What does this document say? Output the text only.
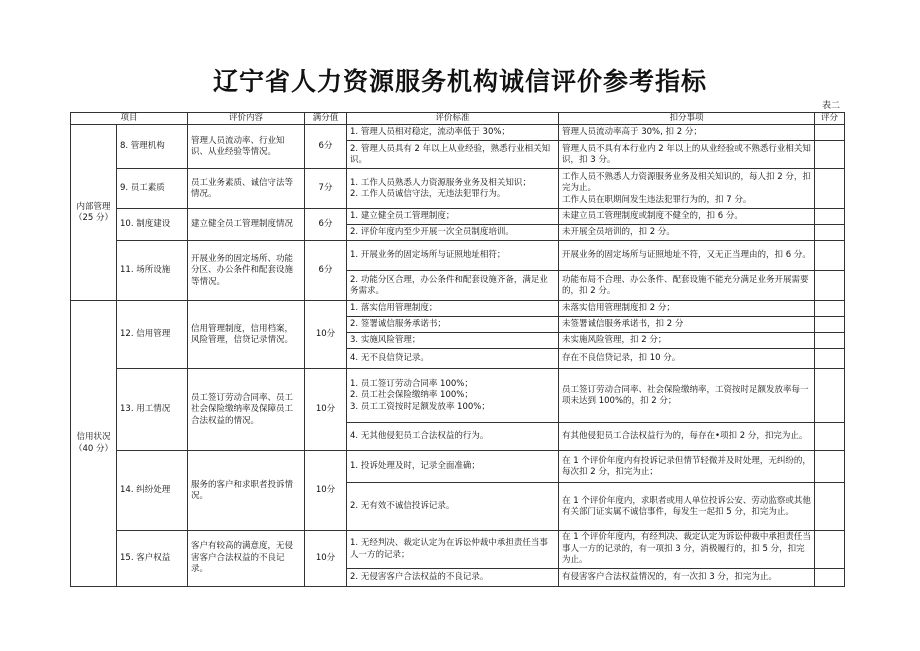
辽宁省人力资源服务机构诚信评价参考指标
表二
项目		评价内容	满分值	评价标准	扣分事项	评分
内部管理（25 分）	8. 管理机构	管理人员流动率、行业知识、从业经验等情况。	6分	1. 管理人员相对稳定，流动率低于 30%；	管理人员流动率高于 30%, 扣 2 分；	
				2. 管理人员具有 2 年以上从业经验，熟悉行业相关知识。	管理人员不具有本行业内 2 年以上的从业经验或不熟悉行业相关知识，扣 3 分。	
	9. 员工素质	员工业务素质、诚信守法等情况。	7分	1. 工作人员熟悉人力资源服务业务及相关知识；
2. 工作人员诚信守法，无违法犯罪行为。	工作人员不熟悉人力资源服务业务及相关知识的，每人扣 2 分，扣完为止。
工作人员在职期间发生违法犯罪行为的，扣 7 分。	
	10. 制度建设	建立健全员工管理制度情况	6分	1. 建立健全员工管理制度；	未建立员工管理制度或制度不健全的，扣 6 分。	
				2. 评价年度内至少开展一次全员制度培训。	未开展全员培训的，扣 2 分。	
	11. 场所设施	开展业务的固定场所、功能分区、办公条件和配套设施等情况。	6分	1. 开展业务的固定场所与证照地址相符；	开展业务的固定场所与证照地址不符，又无正当理由的，扣 6 分。	
				2. 功能分区合理，办公条件和配套设施齐备，满足业务需求。	功能布局不合理、办公条件、配套设施不能充分满足业务开展需要的，扣 2 分。	
信用状况（40 分）	12. 信用管理	信用管理制度，信用档案，风险管理，信贷记录情况。	10分	1. 落实信用管理制度；	未落实信用管理制度扣 2 分；	
				2. 签署诚信服务承诺书；	未签署诚信服务承诺书，扣 2 分	
				3. 实施风险管理；	未实施风险管理，扣 2 分；	
				4. 无不良信贷记录。	存在不良信贷记录，扣 10 分。	
	13. 用工情况	员工签订劳动合同率、员工社会保险缴纳率及保障员工合法权益的情况。	10分	1. 员工签订劳动合同率 100%；
2. 员工社会保险缴纳率 100%；
3. 员工工资按时足额发放率 100%；	员工签订劳动合同率、社会保险缴纳率，工资按时足额发放率每一项未达到 100%的，扣 2 分；	
				4. 无其他侵犯员工合法权益的行为。	有其他侵犯员工合法权益行为的，每存在•项扣 2 分，扣完为止。	
	14. 纠纷处理	服务的客户和求职者投诉情况。	10分	1. 投诉处理及时，记录全面准确；	在 1 个评价年度内有投诉记录但情节轻微并及时处理，无纠纷的，每次扣 2 分，扣完为止；	
				2. 无有效不诚信投诉记录。	在 1 个评价年度内，求职者或用人单位投诉公安、劳动监察或其他有关部门证实属不诚信事件，每发生一起扣 5 分，扣完为止。	
	15. 客户权益	客户有较高的满意度，无侵害客户合法权益的不良记录。	10分	1. 无经判决、裁定认定为在诉讼仲裁中承担责任当事人一方的记录；	在 1 个评价年度内，有经判决、裁定认定为诉讼仲裁中承担责任当事人一方的记录的，有一项扣 3 分，消极履行的，扣 5 分，扣完为止。	
				2. 无侵害客户合法权益的不良记录。	有侵害客户合法权益情况的，有一次扣 3 分，扣完为止。	
